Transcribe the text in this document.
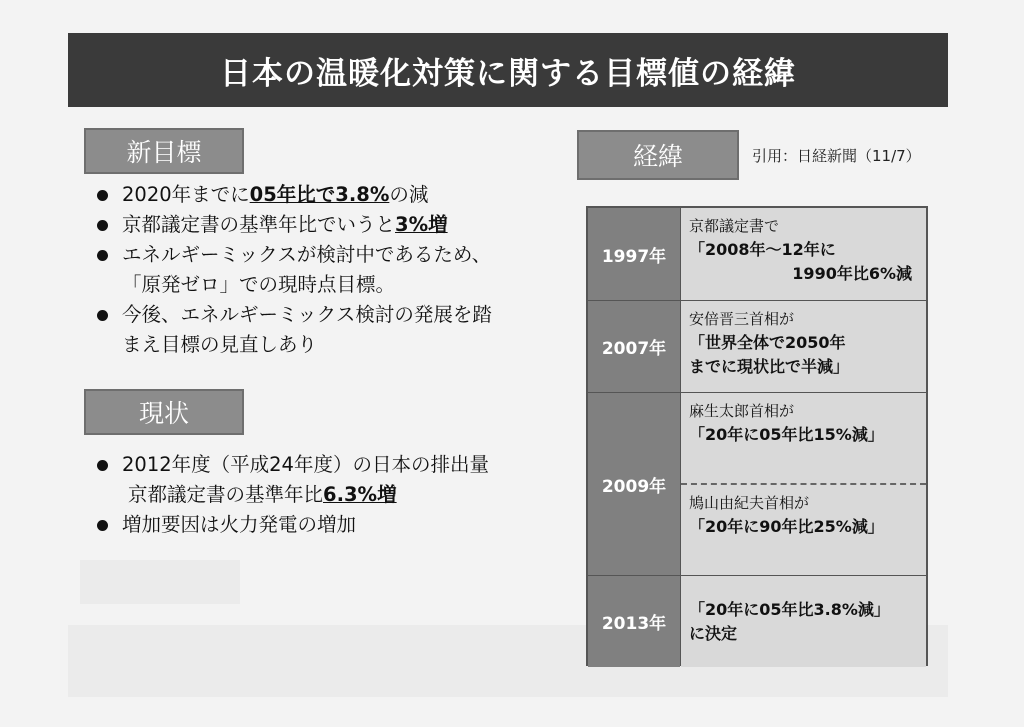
日本の温暖化対策に関する目標値の経緯
新目標
2020年までに05年比で3.8%の減
京都議定書の基準年比でいうと3%増
エネルギーミックスが検討中であるため、
「原発ゼロ」での現時点目標。
今後、エネルギーミックス検討の発展を踏
まえ目標の見直しあり
現状
2012年度（平成24年度）の日本の排出量
京都議定書の基準年比6.3%増
増加要因は火力発電の増加
経緯	引用：日経新聞（11/7）
1997年
京都議定書で
「2008年～12年に
1990年比6%減
2007年
安倍晋三首相が
「世界全体で2050年
までに現状比で半減」
2009年
麻生太郎首相が
「20年に05年比15%減」
鳩山由紀夫首相が
「20年に90年比25%減」
2013年
「20年に05年比3.8%減」
に決定
